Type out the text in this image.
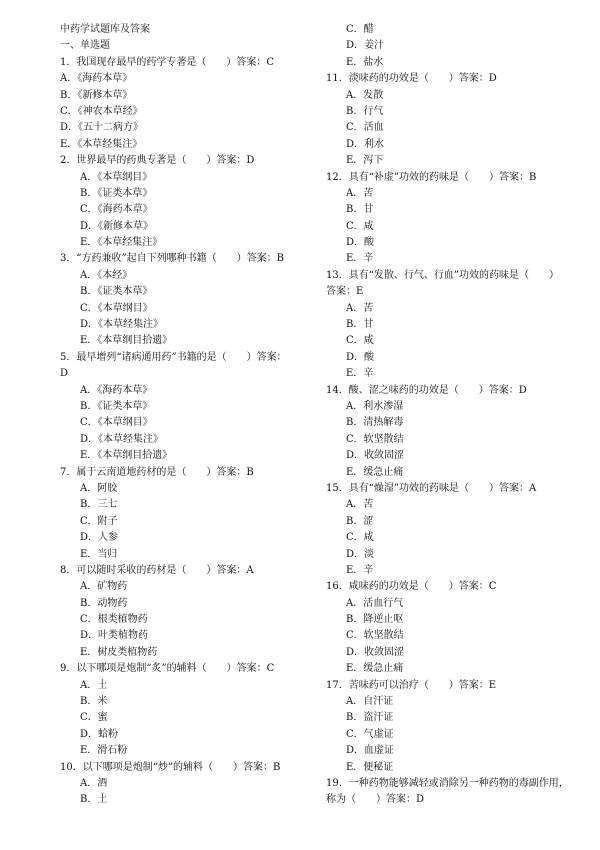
中药学试题库及答案
一、单选题
1．我国现存最早的药学专著是（　　）答案：C
A．《海药本草》
B．《新修本草》
C．《神农本草经》
D．《五十二病方》
E．《本草经集注》
2．世界最早的药典专著是（　　）答案：D
A．《本草纲目》
B．《证类本草》
C．《海药本草》
D．《新修本草》
E．《本草经集注》
3．“方药兼收”起自下列哪种书籍（　　）答案：B
A．《本经》
B．《证类本草》
C．《本草纲目》
D．《本草经集注》
E．《本草纲目拾遗》
5．最早增列“诸病通用药”书籍的是（　　）答案：
D
A．《海药本草》
B．《证类本草》
C．《本草纲目》
D．《本草经集注》
E．《本草纲目拾遗》
7．属于云南道地药材的是（　　）答案：B
A．阿胶
B．三七
C．附子
D．人参
E．当归
8．可以随时采收的药材是（　　）答案：A
A．矿物药
B．动物药
C．根类植物药
D．叶类植物药
E．树皮类植物药
9．以下哪项是炮制“炙”的辅料（　　）答案：C
A．土
B．米
C．蜜
D．蛤粉
E．滑石粉
10．以下哪项是炮制“炒”的辅料（　　）答案：B
A．酒
B．土
C．醋
D．姜汁
E．盐水
11．淡味药的功效是（　　）答案：D
A．发散
B．行气
C．活血
D．利水
E．泻下
12．具有“补虚”功效的药味是（　　）答案：B
A．苦
B．甘
C．咸
D．酸
E．辛
13．具有“发散、行气、行血”功效的药味是（　　）
答案：E
A．苦
B．甘
C．咸
D．酸
E．辛
14．酸、涩之味药的功效是（　　）答案：D
A．利水渗湿
B．清热解毒
C．软坚散结
D．收敛固涩
E．缓急止痛
15．具有“燥湿”功效的药味是（　　）答案：A
A．苦
B．涩
C．咸
D．淡
E．辛
16．咸味药的功效是（　　）答案：C
A．活血行气
B．降逆止呕
C．软坚散结
D．收敛固涩
E．缓急止痛
17．苦味药可以治疗（　　）答案：E
A．自汗证
B．盗汗证
C．气虚证
D．血虚证
E．便秘证
19．一种药物能够减轻或消除另一种药物的毒副作用，
称为（　　）答案：D
